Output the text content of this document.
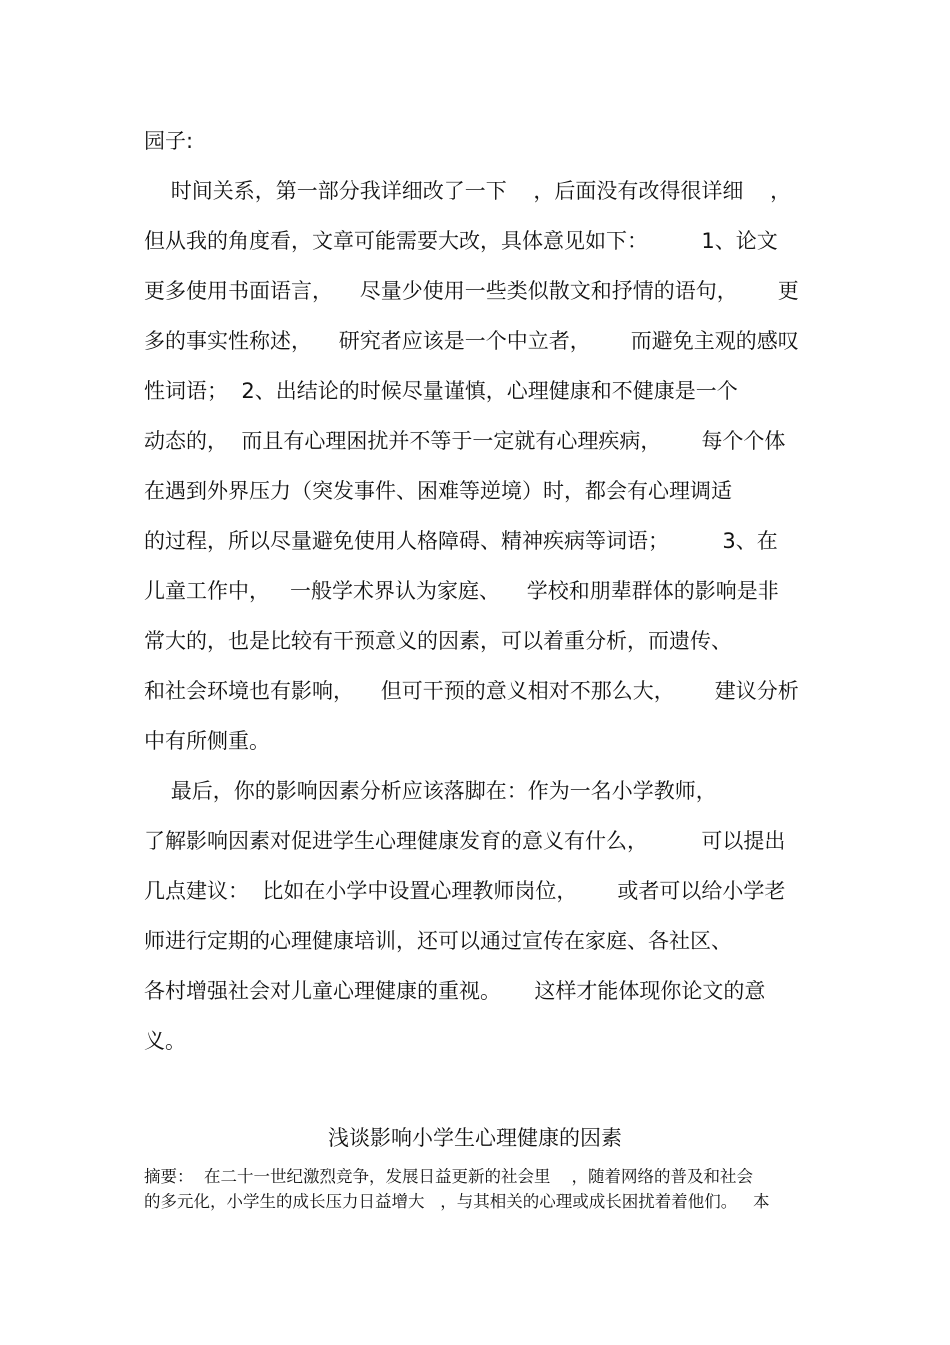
园子:
时间关系，第一部分我详细改了一下    ，后面没有改得很详细    ，
但从我的角度看，文章可能需要大改，具体意见如下：        1、论文
更多使用书面语言，    尽量少使用一些类似散文和抒情的语句，      更
多的事实性称述，    研究者应该是一个中立者，      而避免主观的感叹
性词语；  2、出结论的时候尽量谨慎，心理健康和不健康是一个
动态的，  而且有心理困扰并不等于一定就有心理疾病，      每个个体
在遇到外界压力（突发事件、困难等逆境）时，都会有心理调适
的过程，所以尽量避免使用人格障碍、精神疾病等词语；        3、在
儿童工作中，   一般学术界认为家庭、    学校和朋辈群体的影响是非
常大的，也是比较有干预意义的因素，可以着重分析，而遗传、
和社会环境也有影响，    但可干预的意义相对不那么大，      建议分析
中有所侧重。
最后，你的影响因素分析应该落脚在：作为一名小学教师，
了解影响因素对促进学生心理健康发育的意义有什么，        可以提出
几点建议：  比如在小学中设置心理教师岗位，      或者可以给小学老
师进行定期的心理健康培训，还可以通过宣传在家庭、各社区、
各村增强社会对儿童心理健康的重视。     这样才能体现你论文的意
义。
浅谈影响小学生心理健康的因素
摘要：  在二十一世纪激烈竞争，发展日益更新的社会里    ，随着网络的普及和社会
的多元化，小学生的成长压力日益增大   ，与其相关的心理或成长困扰着着他们。   本
